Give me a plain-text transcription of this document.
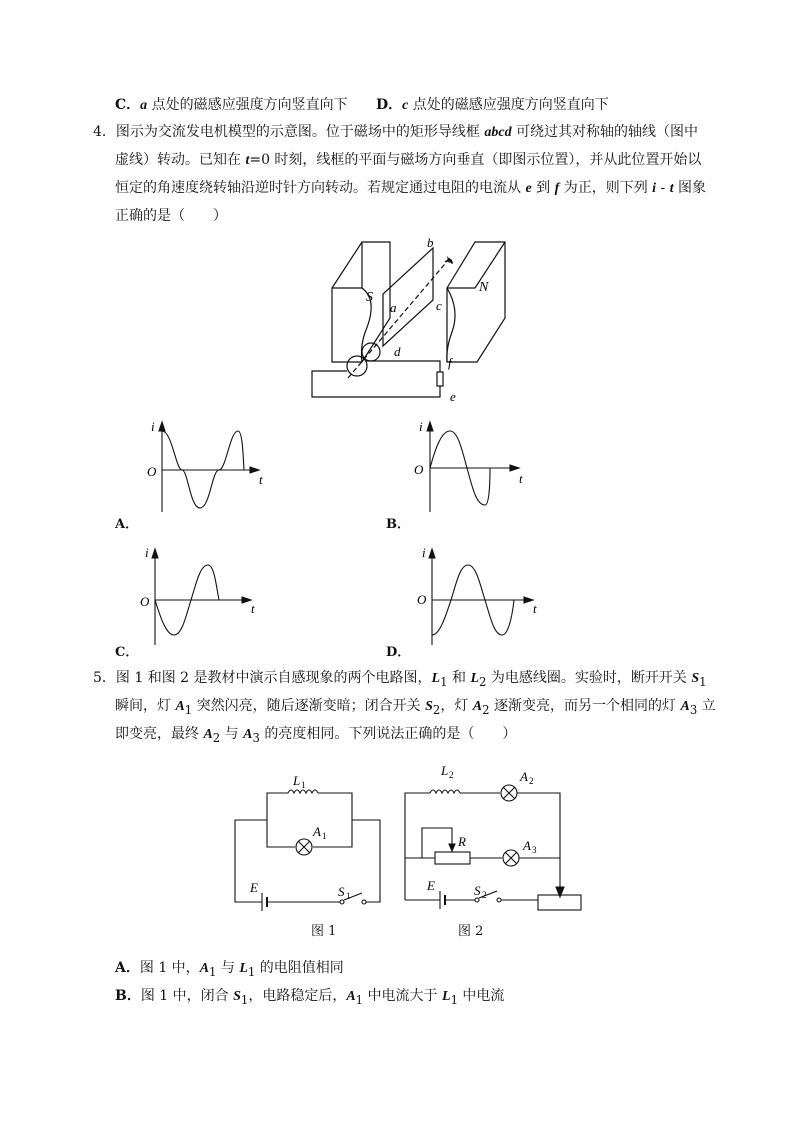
C．a 点处的磁感应强度方向竖直向下 D．c 点处的磁感应强度方向竖直向下
4．图示为交流发电机模型的示意图。位于磁场中的矩形导线框 abcd 可绕过其对称轴的轴线（图中
虚线）转动。已知在 t=0 时刻，线框的平面与磁场方向垂直（即图示位置），并从此位置开始以
恒定的角速度绕转轴沿逆时针方向转动。若规定通过电阻的电流从 e 到 f 为正，则下列 i - t 图象
正确的是（　　）
S
N
a
b
c
d
f
e
i
O
t
A．
i
O
t
B．
i
O	t
C．
i
O
t
D．
5．图 1 和图 2 是教材中演示自感现象的两个电路图，$L_1$ 和 $L_2$ 为电感线圈。实验时，断开开关 $S_1$
瞬间，灯 $A_1$ 突然闪亮，随后逐渐变暗；闭合开关 $S_2$，灯 $A_2$ 逐渐变亮，而另一个相同的灯 $A_3$ 立
即变亮，最终 $A_2$ 与 $A_3$ 的亮度相同。下列说法正确的是（　　）
L 1
A 1
E	S 1
图 1
L 2	A 2
R	A 3
E	S 2
图 2
A．图 1 中，$A_1$ 与 $L_1$ 的电阻值相同
B．图 1 中，闭合 $S_1$，电路稳定后，$A_1$ 中电流大于 $L_1$ 中电流
